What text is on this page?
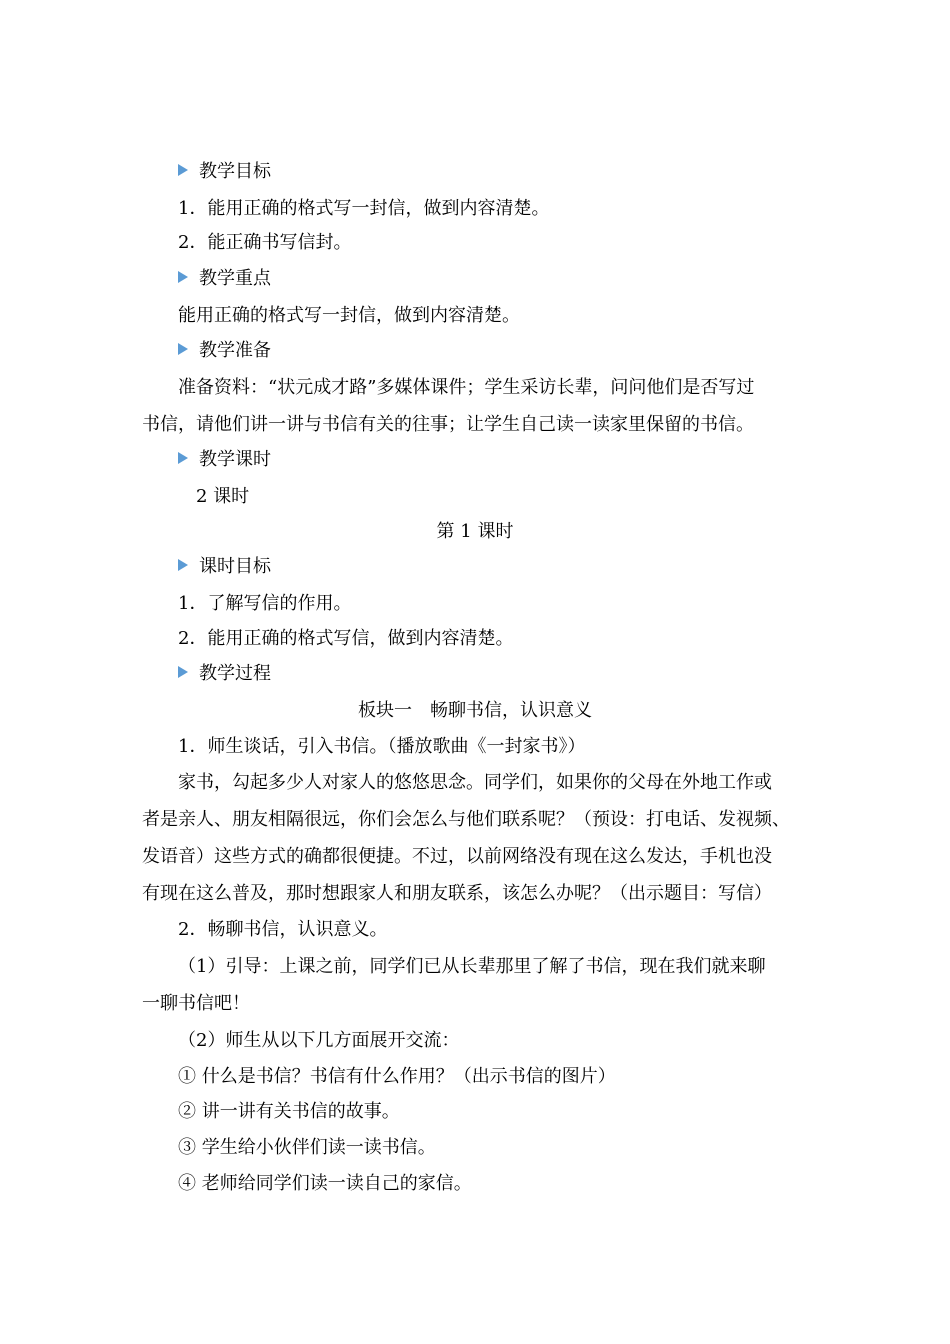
教学目标
1．能用正确的格式写一封信，做到内容清楚。
2．能正确书写信封。
教学重点
能用正确的格式写一封信，做到内容清楚。
教学准备
准备资料：“状元成才路”多媒体课件；学生采访长辈，问问他们是否写过
书信，请他们讲一讲与书信有关的往事；让学生自己读一读家里保留的书信。
教学课时
2 课时
第 1 课时
课时目标
1．了解写信的作用。
2．能用正确的格式写信，做到内容清楚。
教学过程
板块一　畅聊书信，认识意义
1．师生谈话，引入书信。（播放歌曲《一封家书》）
家书，勾起多少人对家人的悠悠思念。同学们，如果你的父母在外地工作或
者是亲人、朋友相隔很远，你们会怎么与他们联系呢？（预设：打电话、发视频、
发语音）这些方式的确都很便捷。不过，以前网络没有现在这么发达，手机也没
有现在这么普及，那时想跟家人和朋友联系，该怎么办呢？（出示题目：写信）
2．畅聊书信，认识意义。
（1）引导：上课之前，同学们已从长辈那里了解了书信，现在我们就来聊
一聊书信吧！
（2）师生从以下几方面展开交流：
① 什么是书信？书信有什么作用？（出示书信的图片）
② 讲一讲有关书信的故事。
③ 学生给小伙伴们读一读书信。
④ 老师给同学们读一读自己的家信。
